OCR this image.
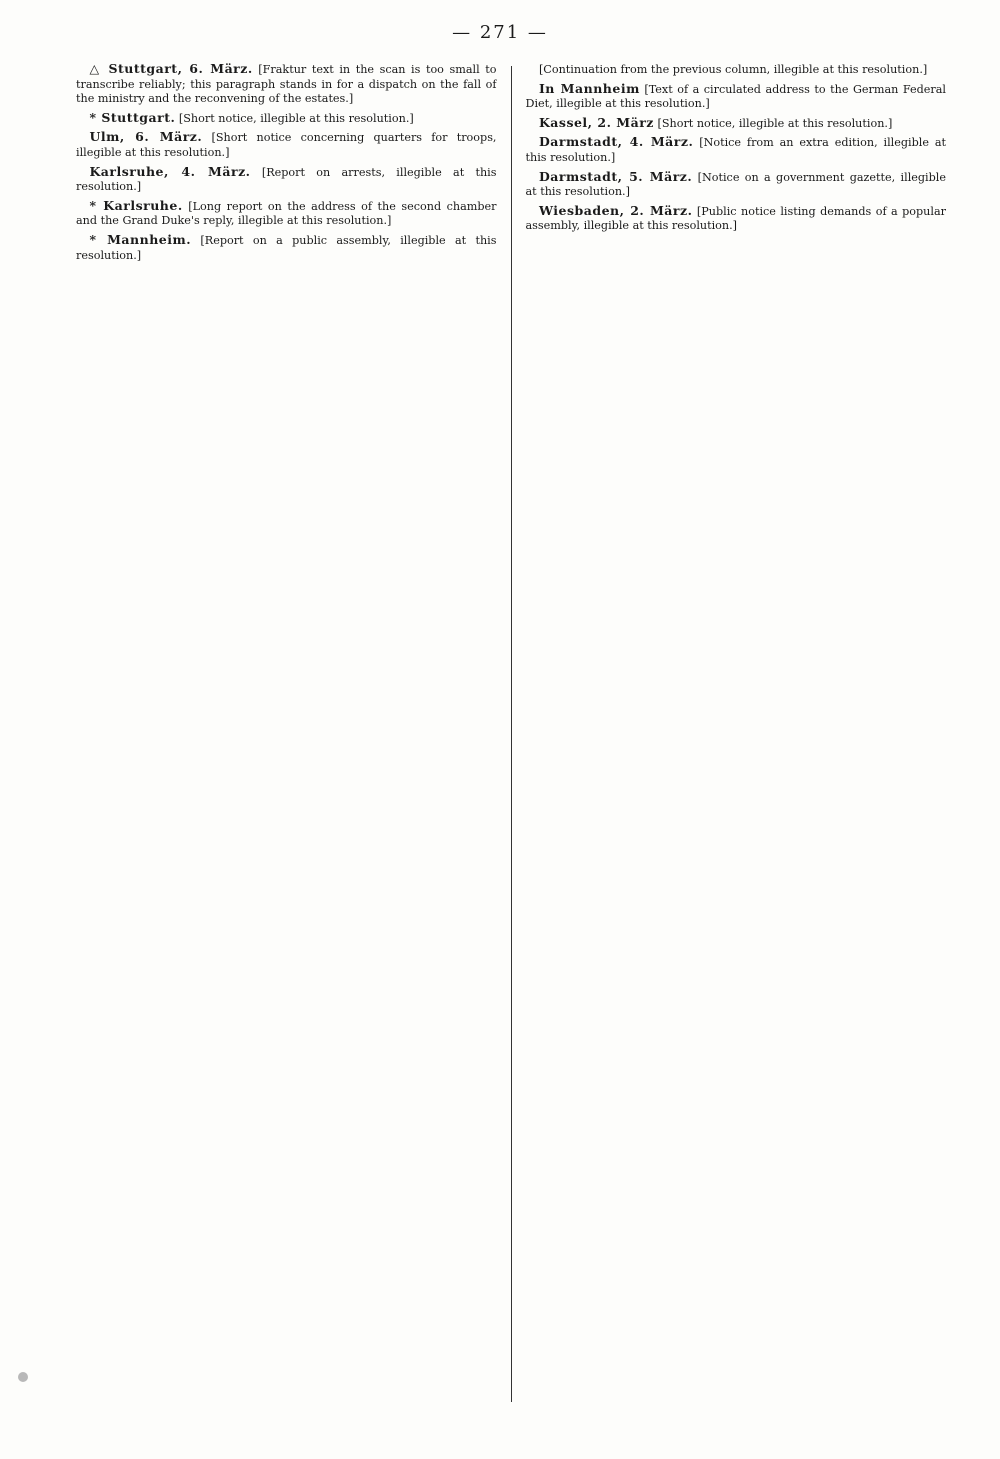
— 271 —

△ Stuttgart, 6. März. [Fraktur text in the scan is too small to transcribe reliably; this paragraph stands in for a dispatch on the fall of the ministry and the reconvening of the estates.]

* Stuttgart. [Short notice, illegible at this resolution.]

Ulm, 6. März. [Short notice concerning quarters for troops, illegible at this resolution.]

Karlsruhe, 4. März. [Report on arrests, illegible at this resolution.]

* Karlsruhe. [Long report on the address of the second chamber and the Grand Duke's reply, illegible at this resolution.]

* Mannheim. [Report on a public assembly, illegible at this resolution.]

[Continuation from the previous column, illegible at this resolution.]

In Mannheim [Text of a circulated address to the German Federal Diet, illegible at this resolution.]

Kassel, 2. März [Short notice, illegible at this resolution.]

Darmstadt, 4. März. [Notice from an extra edition, illegible at this resolution.]

Darmstadt, 5. März. [Notice on a government gazette, illegible at this resolution.]

Wiesbaden, 2. März. [Public notice listing demands of a popular assembly, illegible at this resolution.]
